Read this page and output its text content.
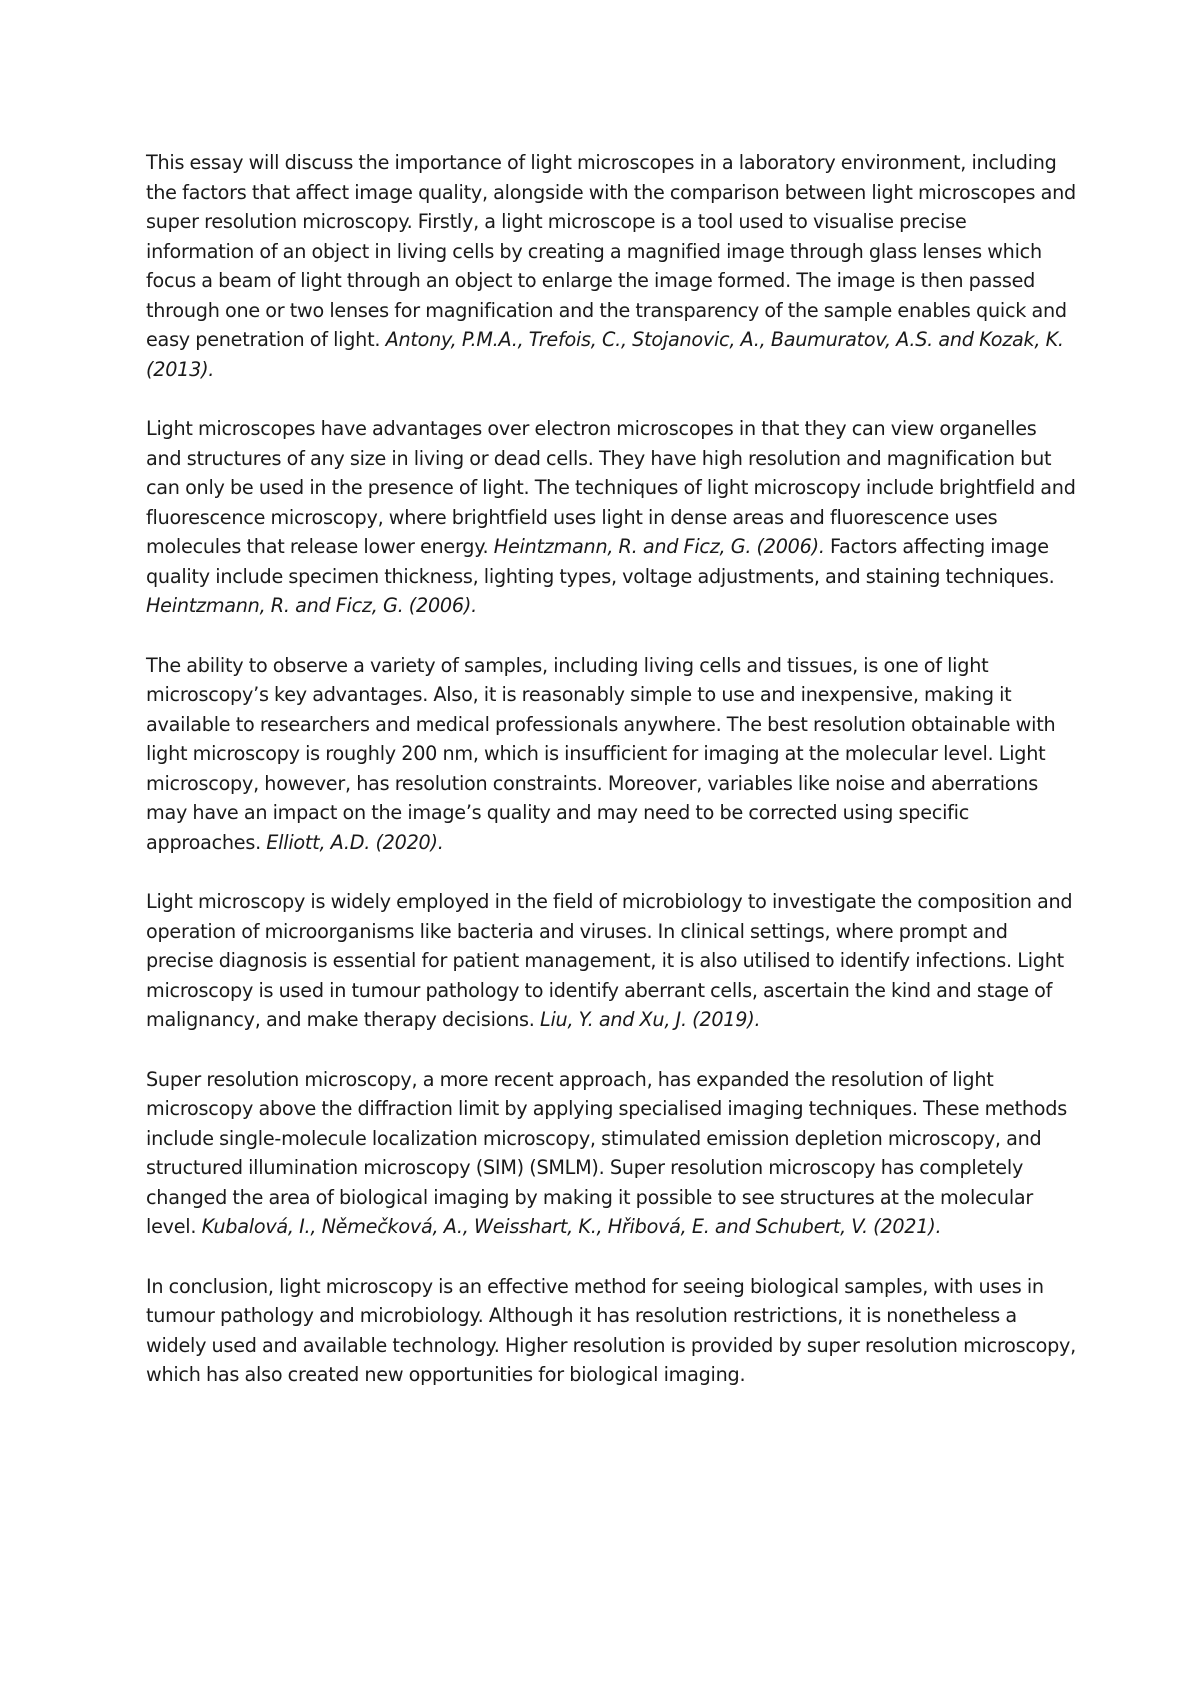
This essay will discuss the importance of light microscopes in a laboratory environment, including the factors that affect image quality, alongside with the comparison between light microscopes and super resolution microscopy. Firstly, a light microscope is a tool used to visualise precise information of an object in living cells by creating a magnified image through glass lenses which focus a beam of light through an object to enlarge the image formed. The image is then passed through one or two lenses for magnification and the transparency of the sample enables quick and easy penetration of light. Antony, P.M.A., Trefois, C., Stojanovic, A., Baumuratov, A.S. and Kozak, K. (2013).

Light microscopes have advantages over electron microscopes in that they can view organelles and structures of any size in living or dead cells. They have high resolution and magnification but can only be used in the presence of light. The techniques of light microscopy include brightfield and fluorescence microscopy, where brightfield uses light in dense areas and fluorescence uses molecules that release lower energy. Heintzmann, R. and Ficz, G. (2006). Factors affecting image quality include specimen thickness, lighting types, voltage adjustments, and staining techniques. Heintzmann, R. and Ficz, G. (2006).

The ability to observe a variety of samples, including living cells and tissues, is one of light microscopy’s key advantages. Also, it is reasonably simple to use and inexpensive, making it available to researchers and medical professionals anywhere. The best resolution obtainable with light microscopy is roughly 200 nm, which is insufficient for imaging at the molecular level. Light microscopy, however, has resolution constraints. Moreover, variables like noise and aberrations may have an impact on the image’s quality and may need to be corrected using specific approaches. Elliott, A.D. (2020).

Light microscopy is widely employed in the field of microbiology to investigate the composition and operation of microorganisms like bacteria and viruses. In clinical settings, where prompt and precise diagnosis is essential for patient management, it is also utilised to identify infections. Light microscopy is used in tumour pathology to identify aberrant cells, ascertain the kind and stage of malignancy, and make therapy decisions. Liu, Y. and Xu, J. (2019).

Super resolution microscopy, a more recent approach, has expanded the resolution of light microscopy above the diffraction limit by applying specialised imaging techniques. These methods include single-molecule localization microscopy, stimulated emission depletion microscopy, and structured illumination microscopy (SIM) (SMLM). Super resolution microscopy has completely changed the area of biological imaging by making it possible to see structures at the molecular level. Kubalová, I., Němečková, A., Weisshart, K., Hřibová, E. and Schubert, V. (2021).

In conclusion, light microscopy is an effective method for seeing biological samples, with uses in tumour pathology and microbiology. Although it has resolution restrictions, it is nonetheless a widely used and available technology. Higher resolution is provided by super resolution microscopy, which has also created new opportunities for biological imaging.
